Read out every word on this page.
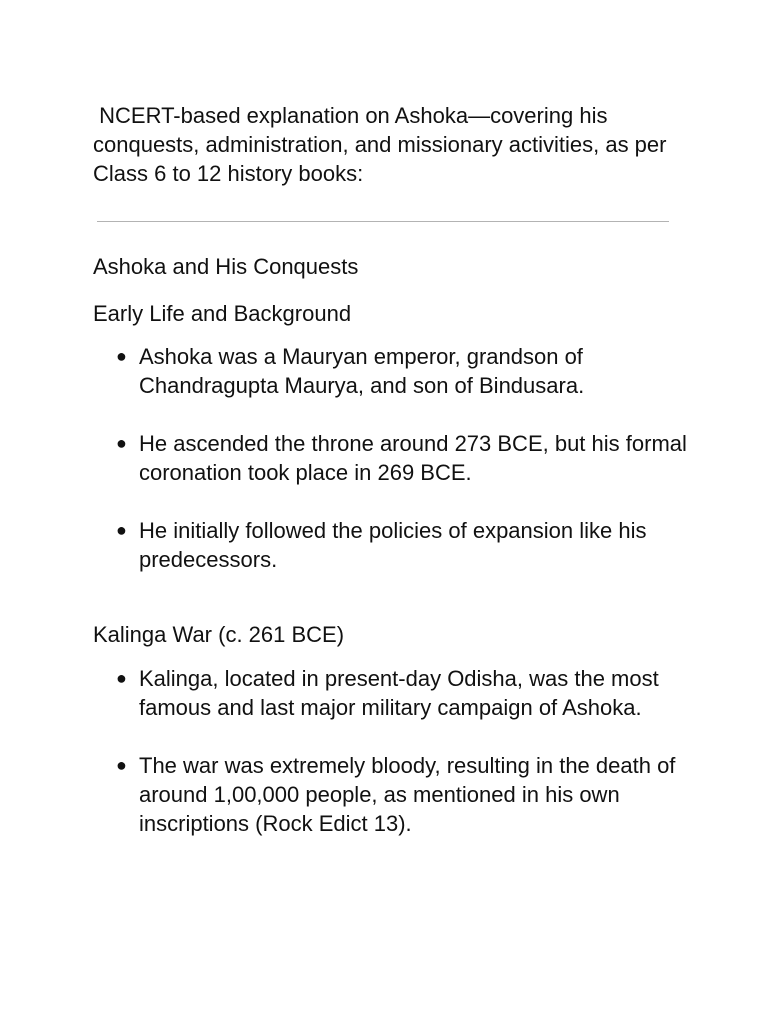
NCERT-based explanation on Ashoka—covering his conquests, administration, and missionary activities, as per Class 6 to 12 history books:

Ashoka and His Conquests
Early Life and Background
● Ashoka was a Mauryan emperor, grandson of Chandragupta Maurya, and son of Bindusara.
● He ascended the throne around 273 BCE, but his formal coronation took place in 269 BCE.
● He initially followed the policies of expansion like his predecessors.
Kalinga War (c. 261 BCE)
● Kalinga, located in present-day Odisha, was the most famous and last major military campaign of Ashoka.
● The war was extremely bloody, resulting in the death of around 1,00,000 people, as mentioned in his own inscriptions (Rock Edict 13).
